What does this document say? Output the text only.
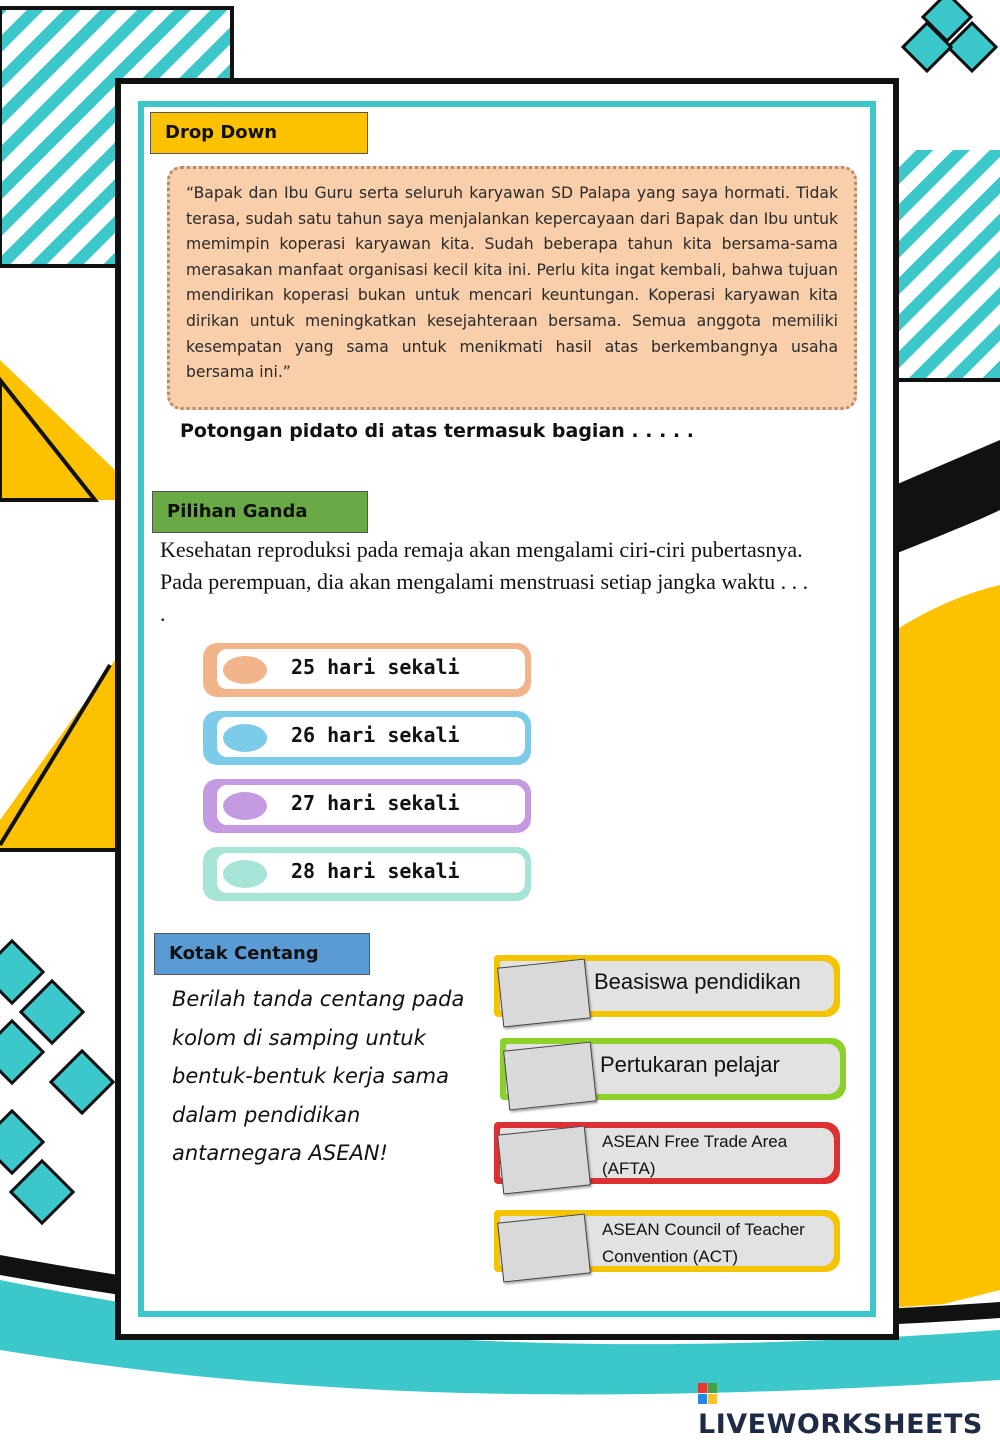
Drop Down
“Bapak dan Ibu Guru serta seluruh karyawan SD Palapa yang saya hormati. Tidak terasa, sudah satu tahun saya menjalankan kepercayaan dari Bapak dan Ibu untuk memimpin koperasi karyawan kita. Sudah beberapa tahun kita bersama-sama merasakan manfaat organisasi kecil kita ini. Perlu kita ingat kembali, bahwa tujuan mendirikan koperasi bukan untuk mencari keuntungan. Koperasi karyawan kita dirikan untuk meningkatkan kesejahteraan bersama. Semua anggota memiliki kesempatan yang sama untuk menikmati hasil atas berkembangnya usaha bersama ini.”
Potongan pidato di atas termasuk bagian . . . . .
Pilihan Ganda
Kesehatan reproduksi pada remaja akan mengalami ciri-ciri pubertasnya. Pada perempuan, dia akan mengalami menstruasi setiap jangka waktu . . . .
25 hari sekali
26 hari sekali
27 hari sekali
28 hari sekali
Kotak Centang
Berilah tanda centang pada kolom di samping untuk bentuk-bentuk kerja sama dalam pendidikan antarnegara ASEAN!
Beasiswa pendidikan
Pertukaran pelajar
ASEAN Free Trade Area
(AFTA)
ASEAN Council of Teacher
Convention (ACT)
LIVEWORKSHEETS
